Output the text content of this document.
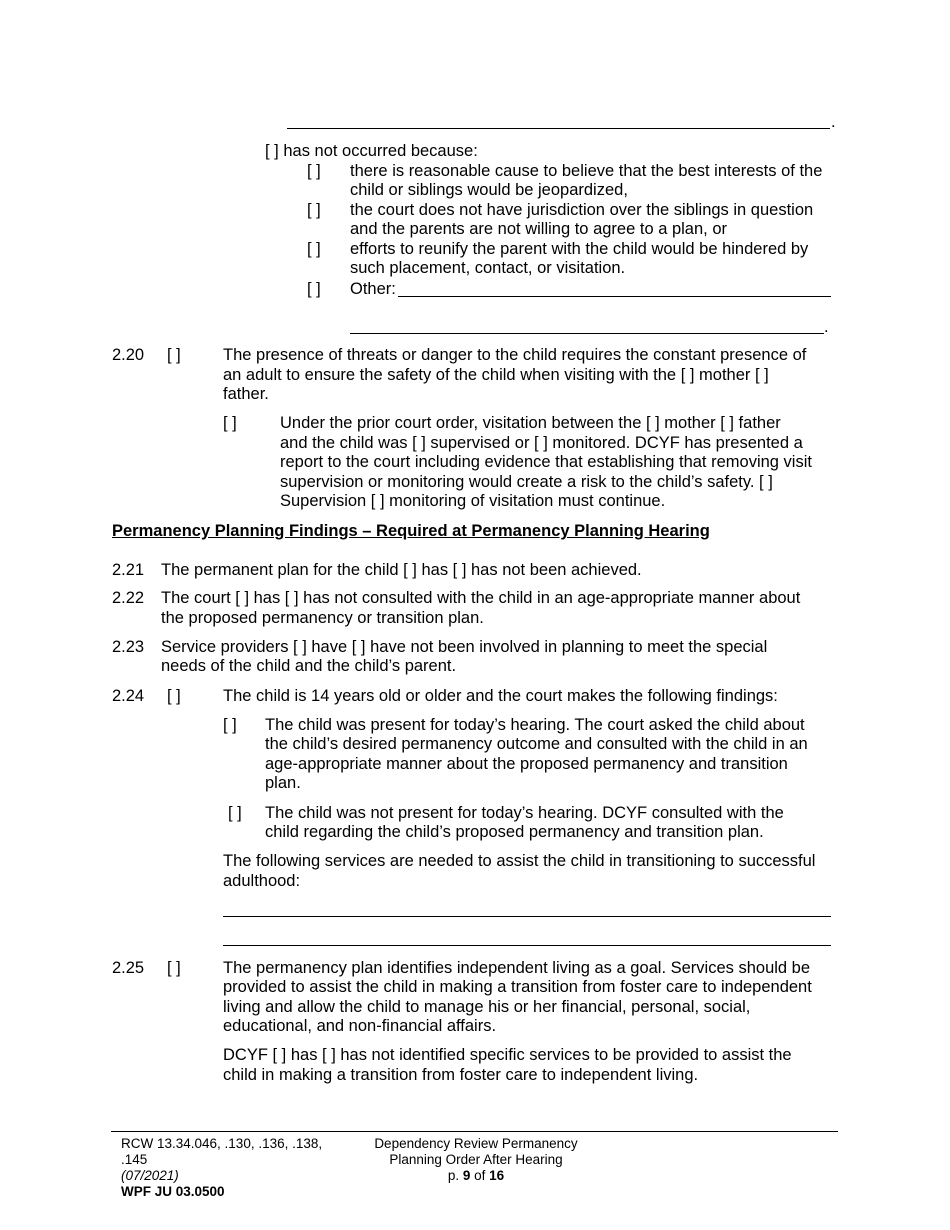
.
[ ] has not occurred because:
[ ] there is reasonable cause to believe that the best interests of the
child or siblings would be jeopardized,
[ ] the court does not have jurisdiction over the siblings in question
and the parents are not willing to agree to a plan, or
[ ] efforts to reunify the parent with the child would be hindered by
such placement, contact, or visitation.
[ ] Other:
.
2.20 [ ]	The presence of threats or danger to the child requires the constant presence of
an adult to ensure the safety of the child when visiting with the [ ] mother [ ]
father.
[ ]	Under the prior court order, visitation between the [ ] mother [ ] father
and the child was [ ] supervised or [ ] monitored. DCYF has presented a
report to the court including evidence that establishing that removing visit
supervision or monitoring would create a risk to the child’s safety. [ ]
Supervision [ ] monitoring of visitation must continue.
Permanency Planning Findings – Required at Permanency Planning Hearing
2.21 The permanent plan for the child [ ] has [ ] has not been achieved.
2.22 The court [ ] has [ ] has not consulted with the child in an age-appropriate manner about
the proposed permanency or transition plan.
2.23 Service providers [ ] have [ ] have not been involved in planning to meet the special
needs of the child and the child’s parent.
2.24 [ ]	The child is 14 years old or older and the court makes the following findings:
[ ] The child was present for today’s hearing. The court asked the child about
the child’s desired permanency outcome and consulted with the child in an
age-appropriate manner about the proposed permanency and transition
plan.
[ ] The child was not present for today’s hearing. DCYF consulted with the
child regarding the child’s proposed permanency and transition plan.
The following services are needed to assist the child in transitioning to successful
adulthood:
2.25 [ ]	The permanency plan identifies independent living as a goal. Services should be
provided to assist the child in making a transition from foster care to independent
living and allow the child to manage his or her financial, personal, social,
educational, and non-financial affairs.
DCYF [ ] has [ ] has not identified specific services to be provided to assist the
child in making a transition from foster care to independent living.
RCW 13.34.046, .130, .136, .138,
.145
(07/2021)
WPF JU 03.0500
Dependency Review Permanency
Planning Order After Hearing
p. 9 of 16
